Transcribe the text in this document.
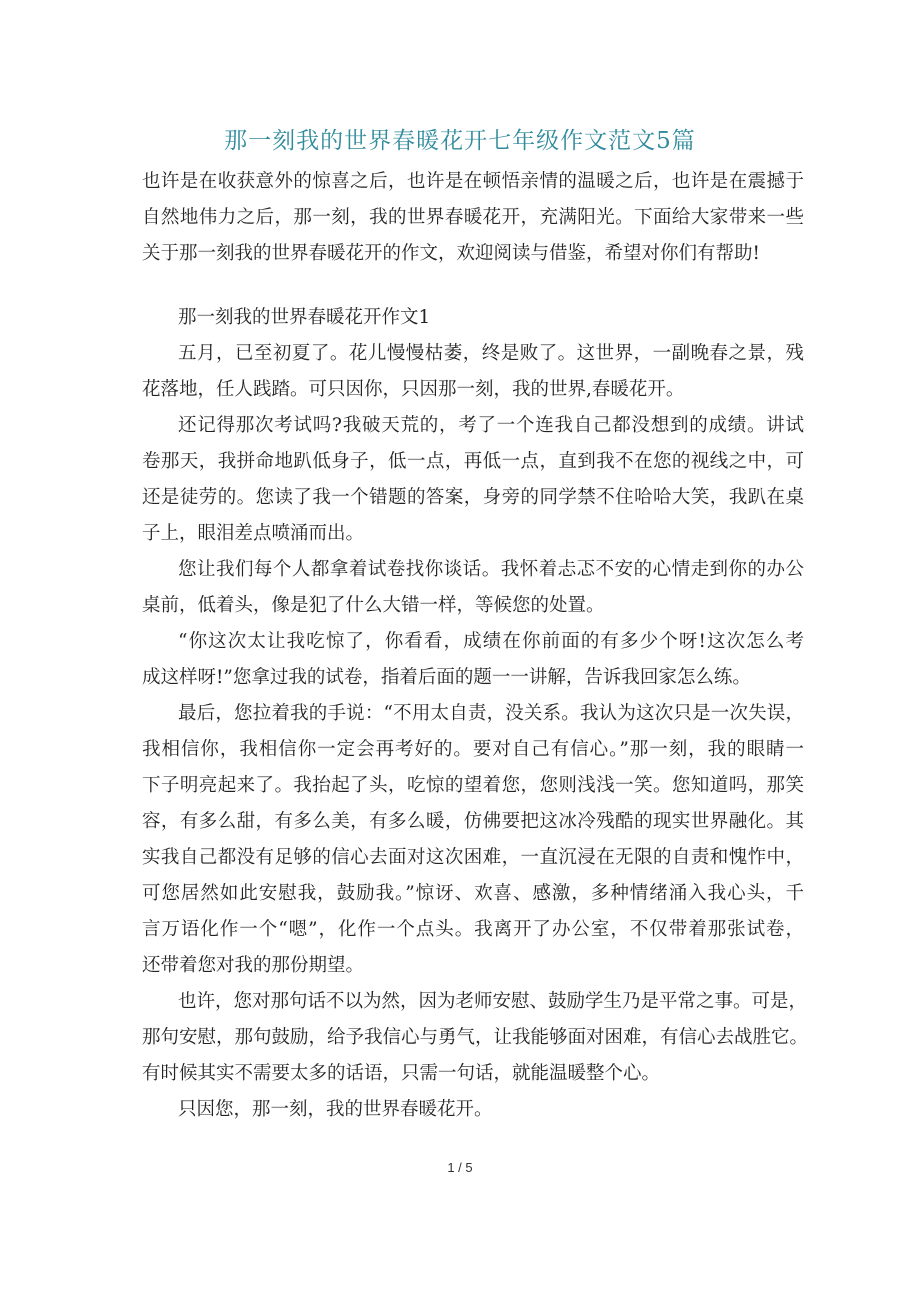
那一刻我的世界春暖花开七年级作文范文5篇
也许是在收获意外的惊喜之后，也许是在顿悟亲情的温暖之后，也许是在震撼于
自然地伟力之后，那一刻，我的世界春暖花开，充满阳光。下面给大家带来一些
关于那一刻我的世界春暖花开的作文，欢迎阅读与借鉴，希望对你们有帮助!
那一刻我的世界春暖花开作文1
五月，已至初夏了。花儿慢慢枯萎，终是败了。这世界，一副晚春之景，残
花落地，任人践踏。可只因你，只因那一刻，我的世界,春暖花开。
还记得那次考试吗?我破天荒的，考了一个连我自己都没想到的成绩。讲试
卷那天，我拼命地趴低身子，低一点，再低一点，直到我不在您的视线之中，可
还是徒劳的。您读了我一个错题的答案，身旁的同学禁不住哈哈大笑，我趴在桌
子上，眼泪差点喷涌而出。
您让我们每个人都拿着试卷找你谈话。我怀着忐忑不安的心情走到你的办公
桌前，低着头，像是犯了什么大错一样，等候您的处置。
“你这次太让我吃惊了，你看看，成绩在你前面的有多少个呀!这次怎么考
成这样呀!”您拿过我的试卷，指着后面的题一一讲解，告诉我回家怎么练。
最后，您拉着我的手说：“不用太自责，没关系。我认为这次只是一次失误，
我相信你，我相信你一定会再考好的。要对自己有信心。”那一刻，我的眼睛一
下子明亮起来了。我抬起了头，吃惊的望着您，您则浅浅一笑。您知道吗，那笑
容，有多么甜，有多么美，有多么暖，仿佛要把这冰冷残酷的现实世界融化。其
实我自己都没有足够的信心去面对这次困难，一直沉浸在无限的自责和愧怍中，
可您居然如此安慰我，鼓励我。”惊讶、欢喜、感激，多种情绪涌入我心头，千
言万语化作一个“嗯”，化作一个点头。我离开了办公室，不仅带着那张试卷，
还带着您对我的那份期望。
也许，您对那句话不以为然，因为老师安慰、鼓励学生乃是平常之事。可是，
那句安慰，那句鼓励，给予我信心与勇气，让我能够面对困难，有信心去战胜它。
有时候其实不需要太多的话语，只需一句话，就能温暖整个心。
只因您，那一刻，我的世界春暖花开。
1 / 5
